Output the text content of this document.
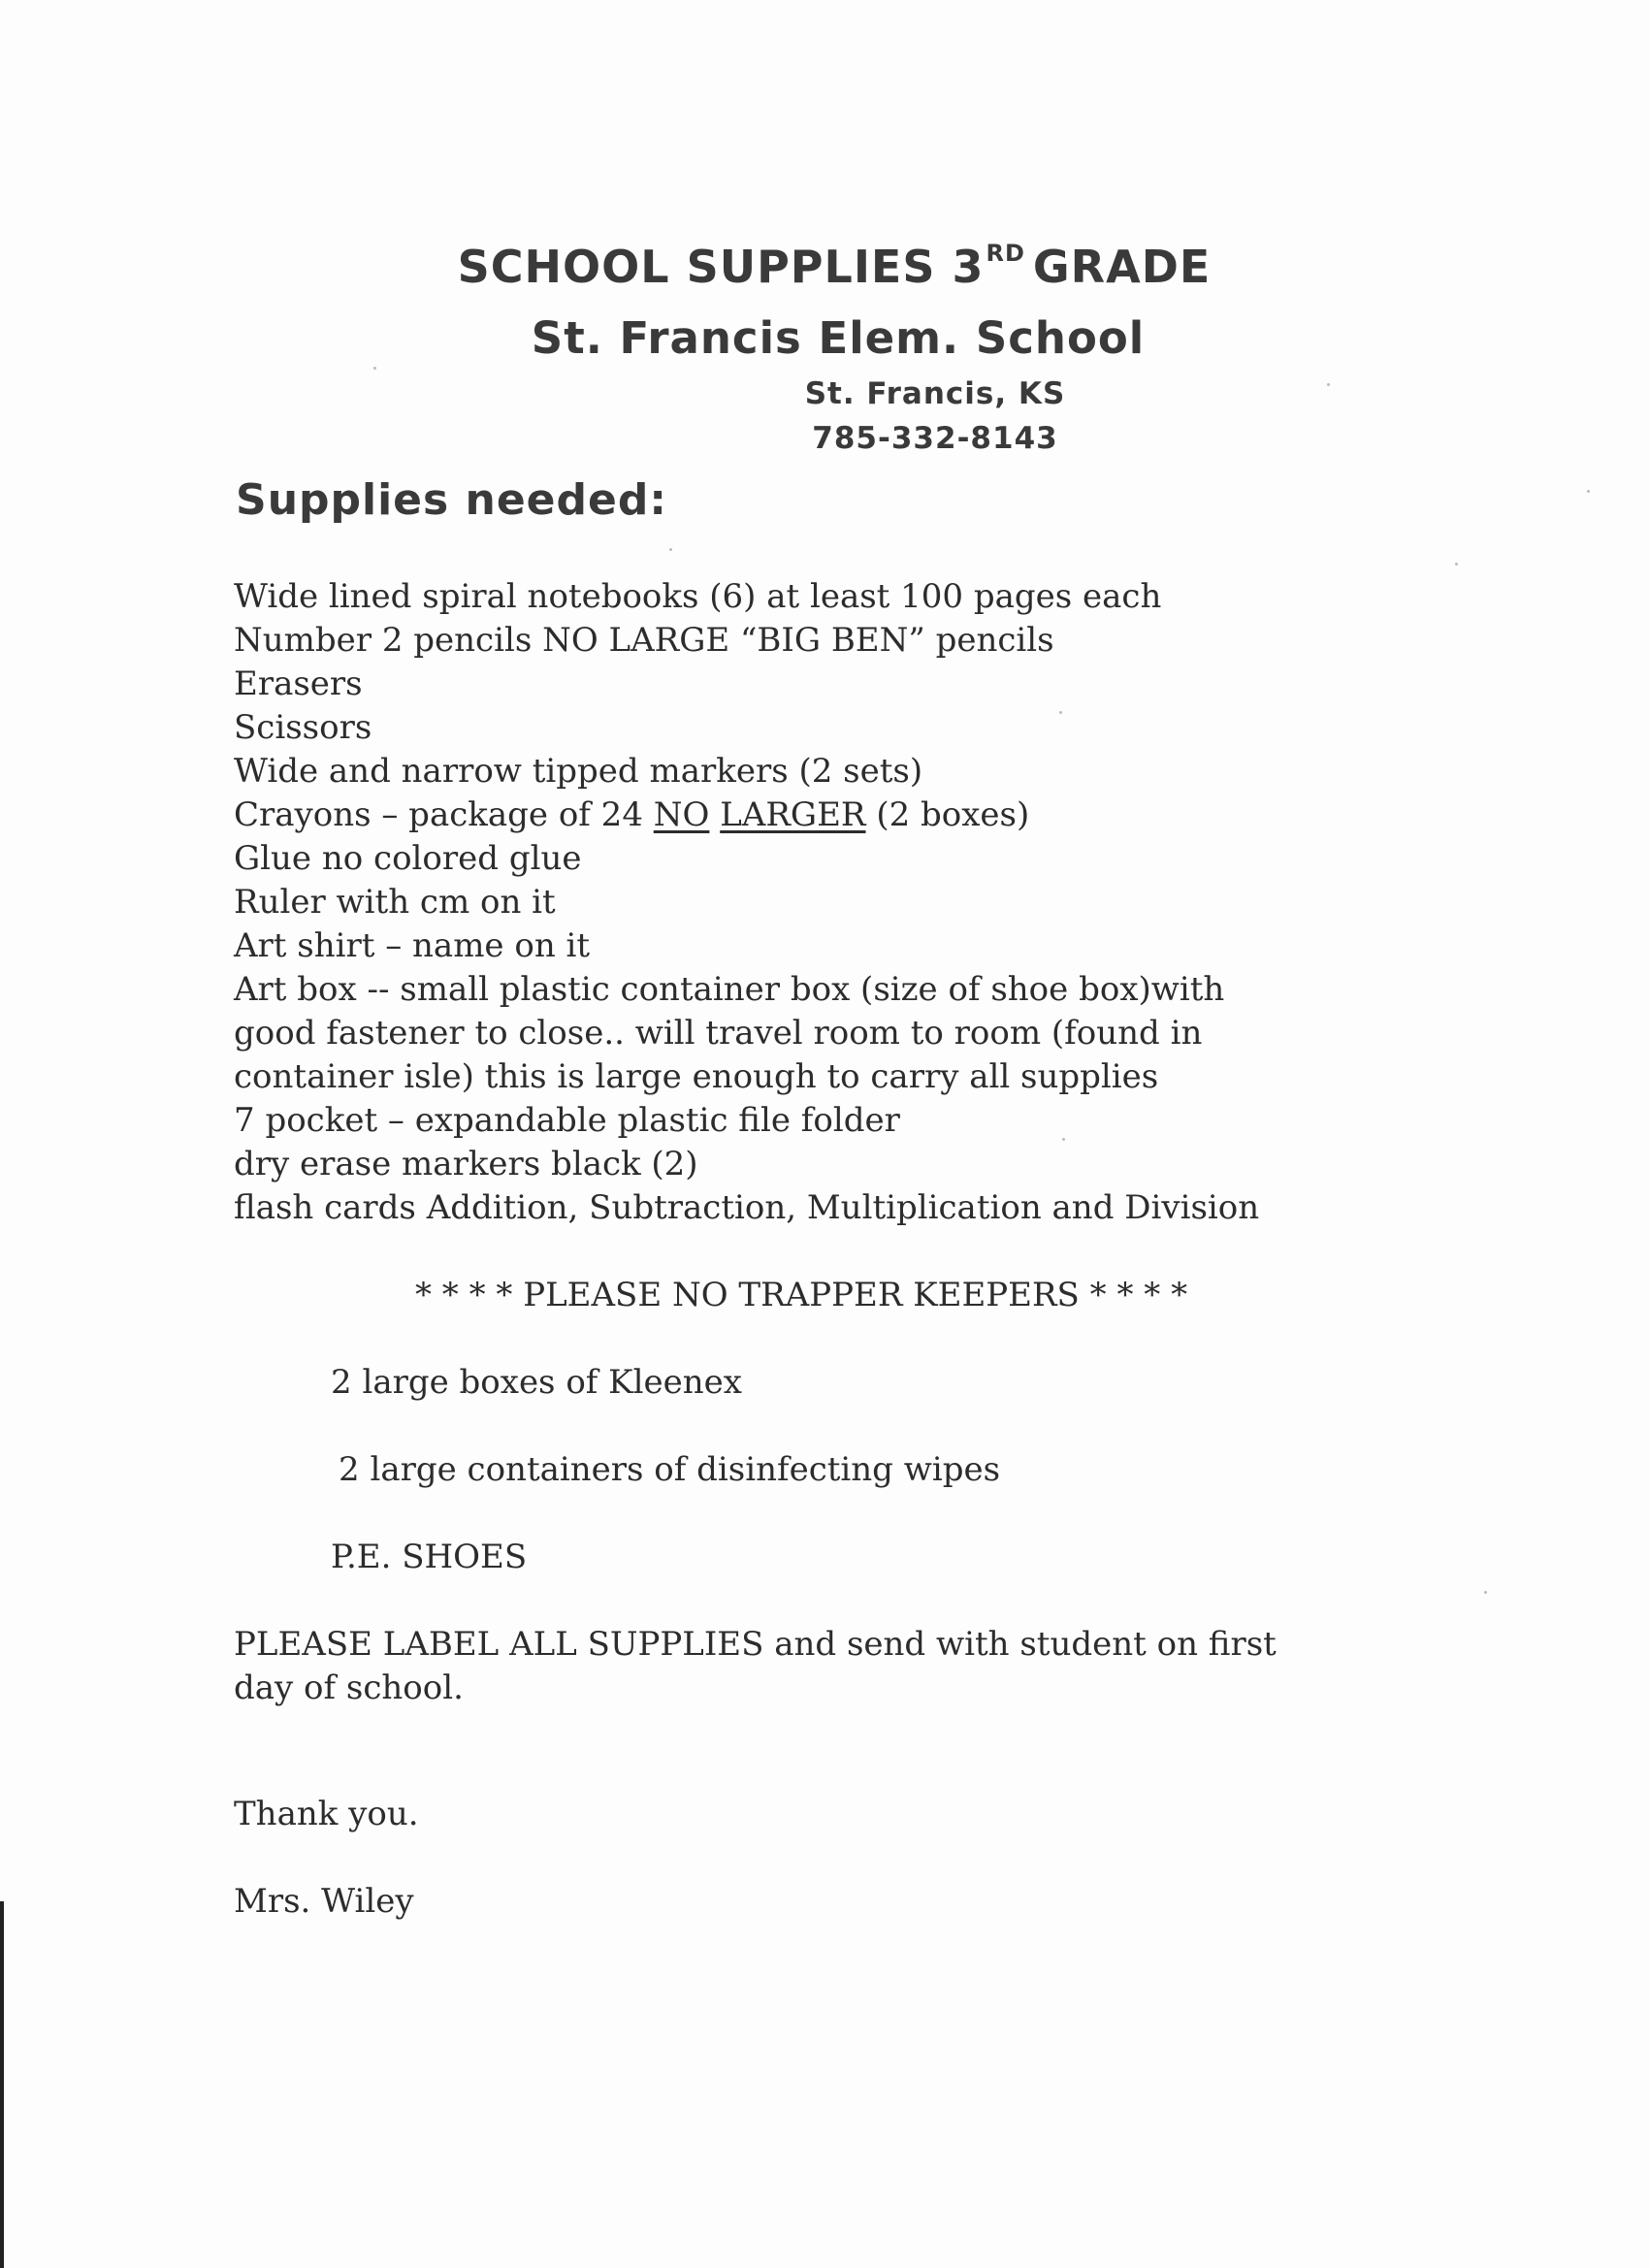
SCHOOL SUPPLIES 3RD GRADE
St. Francis Elem. School
St. Francis, KS
785-332-8143
Supplies needed:
Wide lined spiral notebooks (6) at least 100 pages each
Number 2 pencils NO LARGE “BIG BEN” pencils
Erasers
Scissors
Wide and narrow tipped markers (2 sets)
Crayons – package of 24 NO LARGER (2 boxes)
Glue no colored glue
Ruler with cm on it
Art shirt – name on it
Art box -- small plastic container box (size of shoe box)with
good fastener to close.. will travel room to room (found in
container isle) this is large enough to carry all supplies
7 pocket – expandable plastic file folder
dry erase markers black (2)
flash cards Addition, Subtraction, Multiplication and Division
* * * * PLEASE NO TRAPPER KEEPERS * * * *
2 large boxes of Kleenex
2 large containers of disinfecting wipes
P.E. SHOES
PLEASE LABEL ALL SUPPLIES and send with student on first
day of school.
Thank you.
Mrs. Wiley
